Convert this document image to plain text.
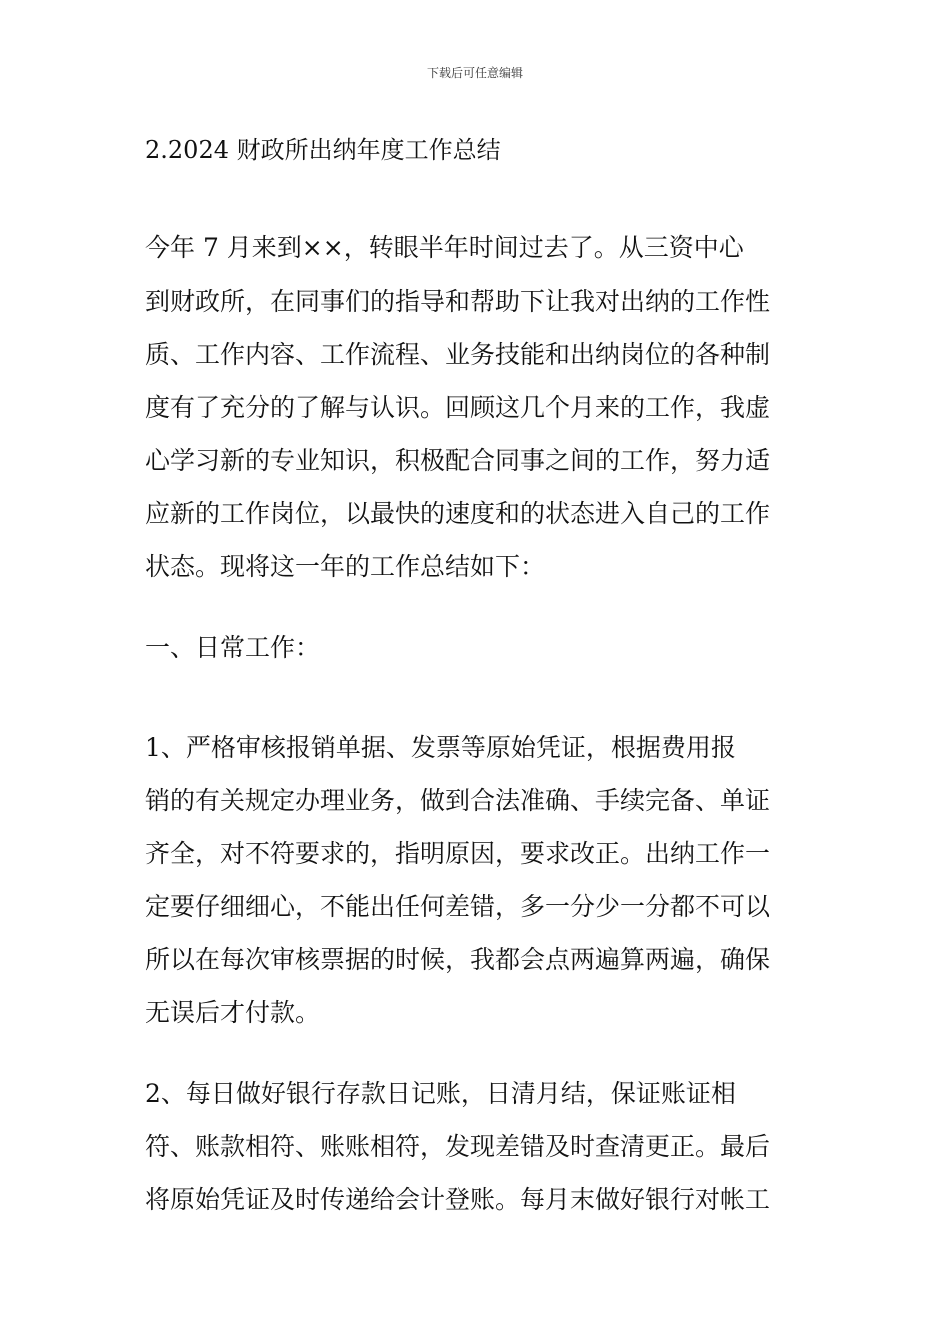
下载后可任意编辑
2.2024 财政所出纳年度工作总结
今年 7 月来到××，转眼半年时间过去了。从三资中心
到财政所，在同事们的指导和帮助下让我对出纳的工作性
质、工作内容、工作流程、业务技能和出纳岗位的各种制
度有了充分的了解与认识。回顾这几个月来的工作，我虚
心学习新的专业知识，积极配合同事之间的工作，努力适
应新的工作岗位，以最快的速度和的状态进入自己的工作
状态。现将这一年的工作总结如下：
一、日常工作：
1、严格审核报销单据、发票等原始凭证，根据费用报
销的有关规定办理业务，做到合法准确、手续完备、单证
齐全，对不符要求的，指明原因，要求改正。出纳工作一
定要仔细细心，不能出任何差错，多一分少一分都不可以
所以在每次审核票据的时候，我都会点两遍算两遍，确保
无误后才付款。
2、每日做好银行存款日记账，日清月结，保证账证相
符、账款相符、账账相符，发现差错及时查清更正。最后
将原始凭证及时传递给会计登账。每月末做好银行对帐工
